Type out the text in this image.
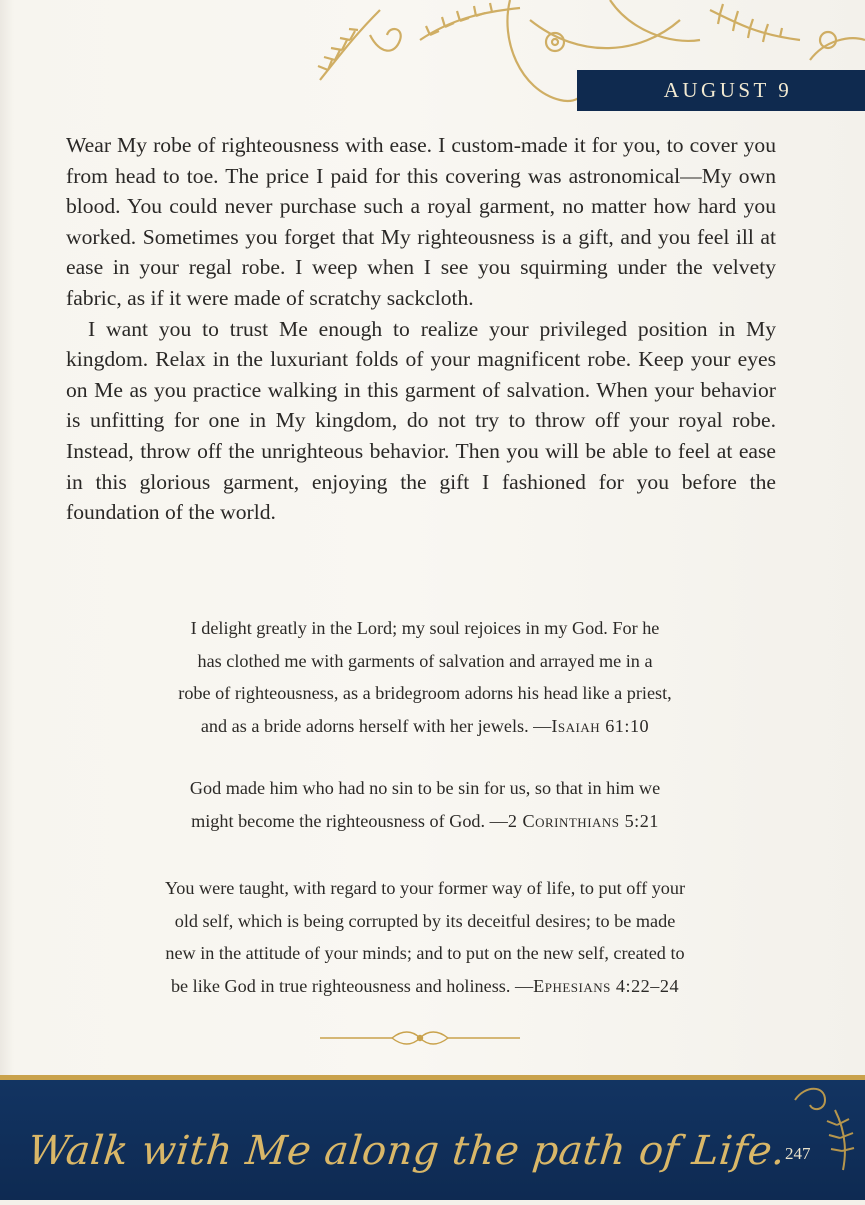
AUGUST 9

Wear My robe of righteousness with ease. I custom-made it for you, to cover you from head to toe. The price I paid for this covering was astronomical—My own blood. You could never purchase such a royal garment, no matter how hard you worked. Sometimes you forget that My righteousness is a gift, and you feel ill at ease in your regal robe. I weep when I see you squirming under the velvety fabric, as if it were made of scratchy sackcloth.

I want you to trust Me enough to realize your privileged position in My kingdom. Relax in the luxuriant folds of your magnificent robe. Keep your eyes on Me as you practice walking in this garment of salvation. When your behavior is unfitting for one in My kingdom, do not try to throw off your royal robe. Instead, throw off the unrighteous behavior. Then you will be able to feel at ease in this glorious garment, enjoying the gift I fashioned for you before the foundation of the world.

I delight greatly in the Lord; my soul rejoices in my God. For he
has clothed me with garments of salvation and arrayed me in a
robe of righteousness, as a bridegroom adorns his head like a priest,
and as a bride adorns herself with her jewels. —Isaiah 61:10
God made him who had no sin to be sin for us, so that in him we
might become the righteousness of God. —2 Corinthians 5:21
You were taught, with regard to your former way of life, to put off your
old self, which is being corrupted by its deceitful desires; to be made
new in the attitude of your minds; and to put on the new self, created to
be like God in true righteousness and holiness. —Ephesians 4:22–24
Walk with Me along the path of Life.
247
